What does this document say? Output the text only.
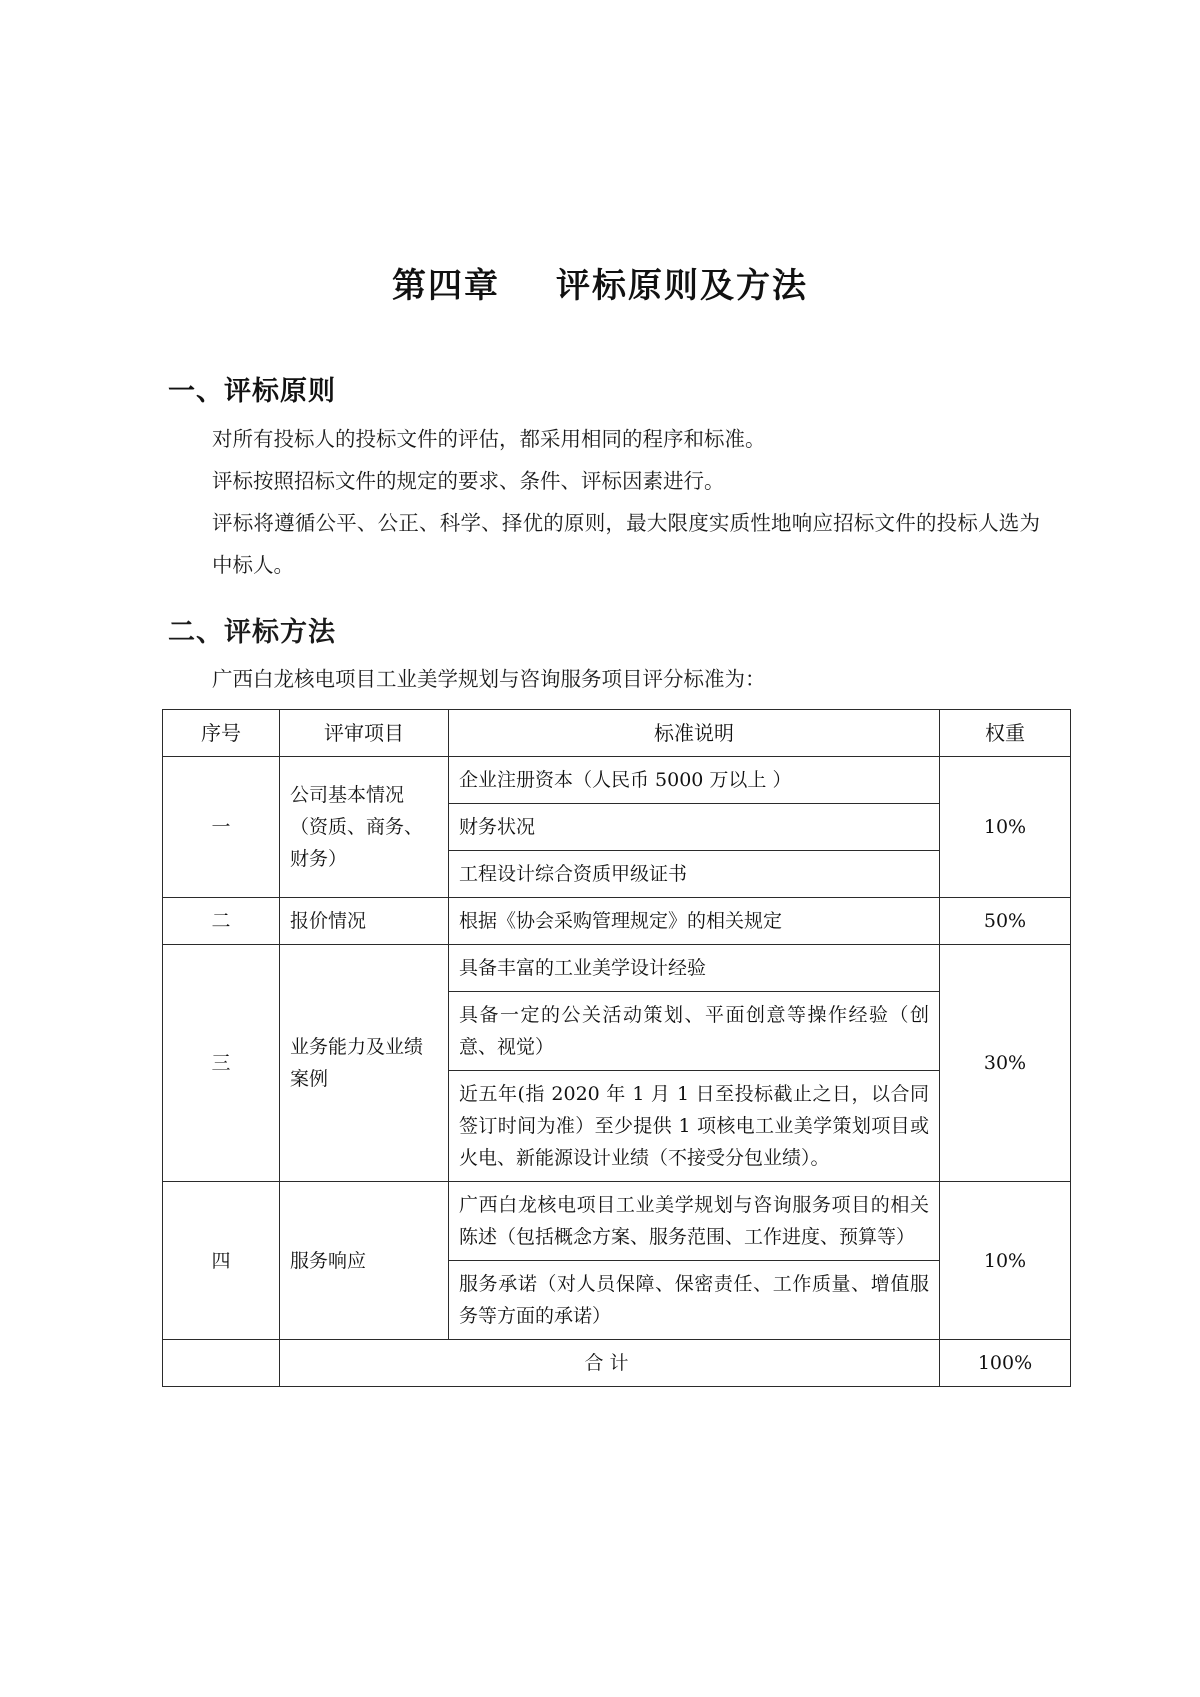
第四章 评标原则及方法
一、评标原则
对所有投标人的投标文件的评估，都采用相同的程序和标准。
评标按照招标文件的规定的要求、条件、评标因素进行。
评标将遵循公平、公正、科学、择优的原则，最大限度实质性地响应招标文件的投标人选为中标人。
二、评标方法
广西白龙核电项目工业美学规划与咨询服务项目评分标准为：
序号	评审项目	标准说明	权重
一	公司基本情况（资质、商务、财务）	企业注册资本（人民币 5000 万以上 ）	10%
		财务状况	
		工程设计综合资质甲级证书	
二	报价情况	根据《协会采购管理规定》的相关规定	50%
三	业务能力及业绩案例	具备丰富的工业美学设计经验	30%
		具备一定的公关活动策划、平面创意等操作经验（创意、视觉）	
		近五年(指 2020 年 1 月 1 日至投标截止之日，以合同签订时间为准）至少提供 1 项核电工业美学策划项目或火电、新能源设计业绩（不接受分包业绩）。	
四	服务响应	广西白龙核电项目工业美学规划与咨询服务项目的相关陈述（包括概念方案、服务范围、工作进度、预算等）	10%
		服务承诺（对人员保障、保密责任、工作质量、增值服务等方面的承诺）	
	合计		100%
